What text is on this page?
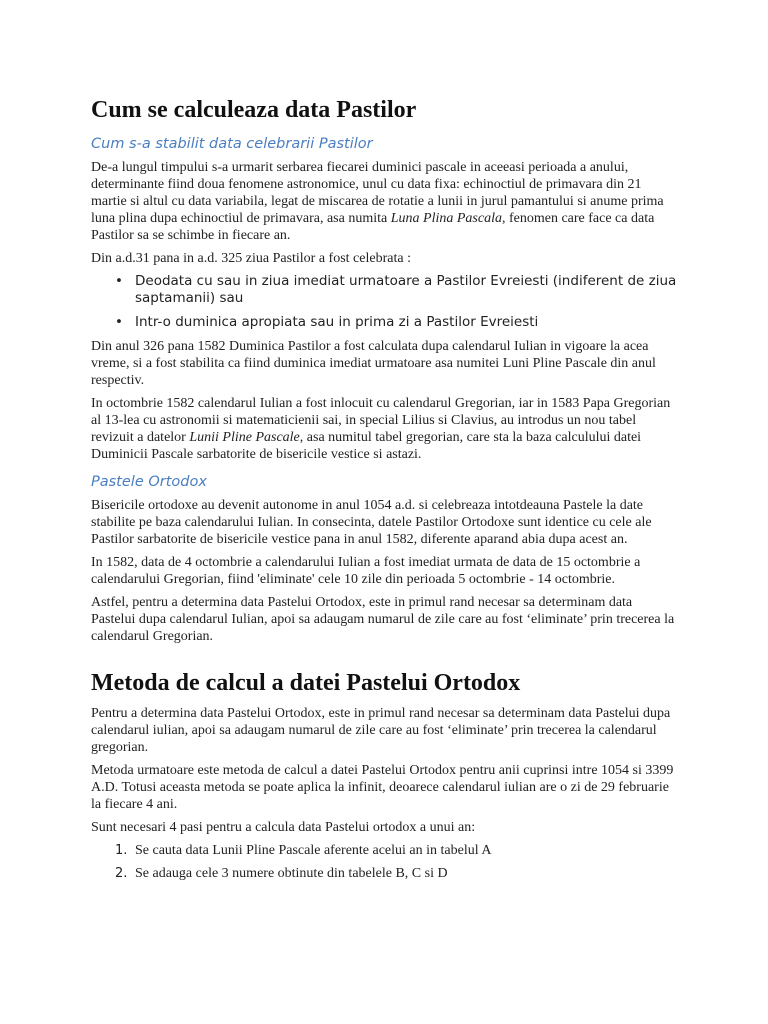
Cum se calculeaza data Pastilor
Cum s-a stabilit data celebrarii Pastilor

De-a lungul timpului s-a urmarit serbarea fiecarei duminici pascale in aceeasi perioada a anului, determinante fiind doua fenomene astronomice, unul cu data fixa: echinoctiul de primavara din 21 martie si altul cu data variabila, legat de miscarea de rotatie a lunii in jurul pamantului si anume prima luna plina dupa echinoctiul de primavara, asa numita Luna Plina Pascala, fenomen care face ca data Pastilor sa se schimbe in fiecare an.

Din a.d.31 pana in a.d. 325 ziua Pastilor a fost celebrata :

• Deodata cu sau in ziua imediat urmatoare a Pastilor Evreiesti (indiferent de ziua saptamanii) sau
• Intr-o duminica apropiata sau in prima zi a Pastilor Evreiesti

Din anul 326 pana 1582 Duminica Pastilor a fost calculata dupa calendarul Iulian in vigoare la acea vreme, si a fost stabilita ca fiind duminica imediat urmatoare asa numitei Luni Pline Pascale din anul respectiv.

In octombrie 1582 calendarul Iulian a fost inlocuit cu calendarul Gregorian, iar in 1583 Papa Gregorian al 13-lea cu astronomii si matematicienii sai, in special Lilius si Clavius, au introdus un nou tabel revizuit a datelor Lunii Pline Pascale, asa numitul tabel gregorian, care sta la baza calculului datei Duminicii Pascale sarbatorite de bisericile vestice si astazi.

Pastele Ortodox

Bisericile ortodoxe au devenit autonome in anul 1054 a.d. si celebreaza intotdeauna Pastele la date stabilite pe baza calendarului Iulian. In consecinta, datele Pastilor Ortodoxe sunt identice cu cele ale Pastilor sarbatorite de bisericile vestice pana in anul 1582, diferente aparand abia dupa acest an.

In 1582, data de 4 octombrie a calendarului Iulian a fost imediat urmata de data de 15 octombrie a calendarului Gregorian, fiind 'eliminate' cele 10 zile din perioada 5 octombrie - 14 octombrie.

Astfel, pentru a determina data Pastelui Ortodox, este in primul rand necesar sa determinam data Pastelui dupa calendarul Iulian, apoi sa adaugam numarul de zile care au fost ‘eliminate’ prin trecerea la calendarul Gregorian.

Metoda de calcul a datei Pastelui Ortodox

Pentru a determina data Pastelui Ortodox, este in primul rand necesar sa determinam data Pastelui dupa calendarul iulian, apoi sa adaugam numarul de zile care au fost ‘eliminate’ prin trecerea la calendarul gregorian.

Metoda urmatoare este metoda de calcul a datei Pastelui Ortodox pentru anii cuprinsi intre 1054 si 3399 A.D. Totusi aceasta metoda se poate aplica la infinit, deoarece calendarul iulian are o zi de 29 februarie la fiecare 4 ani.

Sunt necesari 4 pasi pentru a calcula data Pastelui ortodox a unui an:

1. Se cauta data Lunii Pline Pascale aferente acelui an in tabelul A
2. Se adauga cele 3 numere obtinute din tabelele B, C si D
